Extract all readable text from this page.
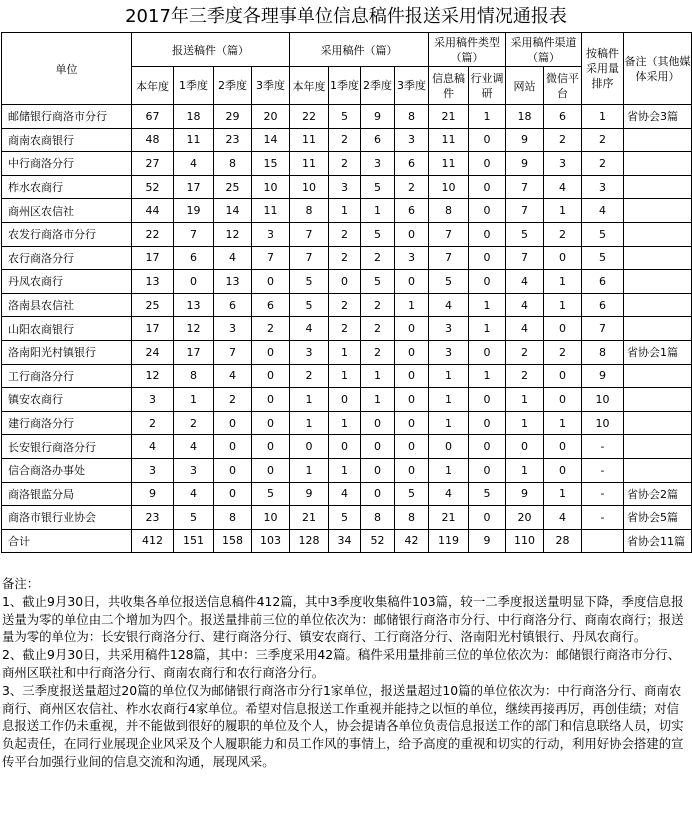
2017年三季度各理事单位信息稿件报送采用情况通报表
单位	报送稿件（篇）				采用稿件（篇）				采用稿件类型（篇）		采用稿件渠道（篇）		按稿件采用量排序	备注（其他媒体采用）
	本年度	1季度	2季度	3季度	本年度	1季度	2季度	3季度	信息稿件	行业调研	网站	微信平台		
邮储银行商洛市分行	67	18	29	20	22	5	9	8	21	1	18	6	1	省协会3篇
商南农商银行	48	11	23	14	11	2	6	3	11	0	9	2	2	
中行商洛分行	27	4	8	15	11	2	3	6	11	0	9	3	2	
柞水农商行	52	17	25	10	10	3	5	2	10	0	7	4	3	
商州区农信社	44	19	14	11	8	1	1	6	8	0	7	1	4	
农发行商洛市分行	22	7	12	3	7	2	5	0	7	0	5	2	5	
农行商洛分行	17	6	4	7	7	2	2	3	7	0	7	0	5	
丹凤农商行	13	0	13	0	5	0	5	0	5	0	4	1	6	
洛南县农信社	25	13	6	6	5	2	2	1	4	1	4	1	6	
山阳农商银行	17	12	3	2	4	2	2	0	3	1	4	0	7	
洛南阳光村镇银行	24	17	7	0	3	1	2	0	3	0	2	2	8	省协会1篇
工行商洛分行	12	8	4	0	2	1	1	0	1	1	2	0	9	
镇安农商行	3	1	2	0	1	0	1	0	1	0	1	0	10	
建行商洛分行	2	2	0	0	1	1	0	0	1	0	1	1	10	
长安银行商洛分行	4	4	0	0	0	0	0	0	0	0	0	0	-	
信合商洛办事处	3	3	0	0	1	1	0	0	1	0	1	0	-	
商洛银监分局	9	4	0	5	9	4	0	5	4	5	9	1	-	省协会2篇
商洛市银行业协会	23	5	8	10	21	5	8	8	21	0	20	4	-	省协会5篇
合计	412	151	158	103	128	34	52	42	119	9	110	28		省协会11篇

备注：

1、截止9月30日，共收集各单位报送信息稿件412篇，其中3季度收集稿件103篇，较一二季度报送量明显下降，季度信息报送量为零的单位由二个增加为四个。报送量排前三位的单位依次为：邮储银行商洛市分行、中行商洛分行、商南农商行；报送量为零的单位为：长安银行商洛分行、建行商洛分行、镇安农商行、工行商洛分行、洛南阳光村镇银行、丹凤农商行。

2、截止9月30日，共采用稿件128篇，其中：三季度采用42篇。稿件采用量排前三位的单位依次为：邮储银行商洛市分行、商州区联社和中行商洛分行、商南农商行和农行商洛分行。

3、三季度报送量超过20篇的单位仅为邮储银行商洛市分行1家单位，报送量超过10篇的单位依次为：中行商洛分行、商南农商行、商州区农信社、柞水农商行4家单位。希望对信息报送工作重视并能持之以恒的单位，继续再接再厉，再创佳绩；对信息报送工作仍未重视，并不能做到很好的履职的单位及个人，协会提请各单位负责信息报送工作的部门和信息联络人员，切实负起责任，在同行业展现企业风采及个人履职能力和员工作风的事情上，给予高度的重视和切实的行动，利用好协会搭建的宣传平台加强行业间的信息交流和沟通，展现风采。
